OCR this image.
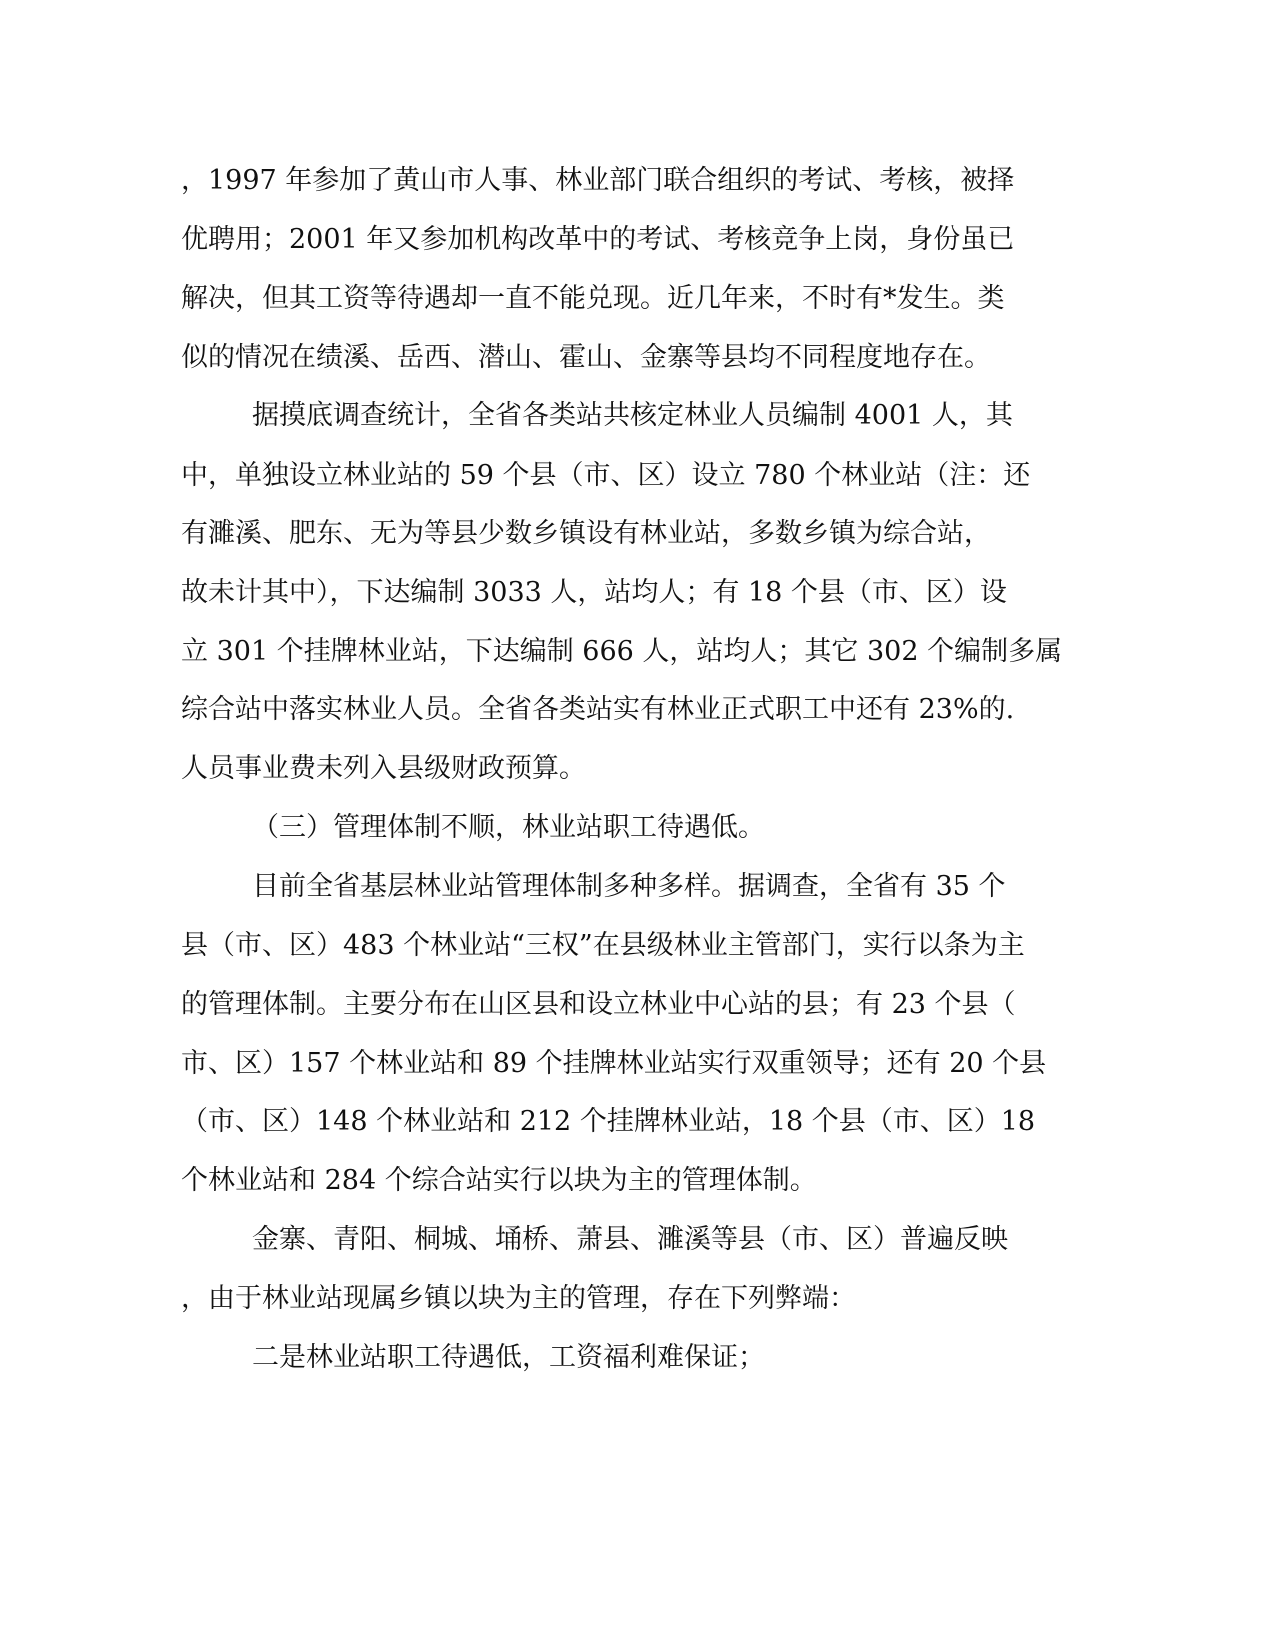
，1997 年参加了黄山市人事、林业部门联合组织的考试、考核，被择
优聘用；2001 年又参加机构改革中的考试、考核竞争上岗，身份虽已
解决，但其工资等待遇却一直不能兑现。近几年来，不时有*发生。类
似的情况在绩溪、岳西、潜山、霍山、金寨等县均不同程度地存在。
据摸底调查统计，全省各类站共核定林业人员编制 4001 人，其
中，单独设立林业站的 59 个县（市、区）设立 780 个林业站（注：还
有濉溪、肥东、无为等县少数乡镇设有林业站，多数乡镇为综合站，
故未计其中），下达编制 3033 人，站均人；有 18 个县（市、区）设
立 301 个挂牌林业站，下达编制 666 人，站均人；其它 302 个编制多属
综合站中落实林业人员。全省各类站实有林业正式职工中还有 23%的.
人员事业费未列入县级财政预算。
（三）管理体制不顺，林业站职工待遇低。
目前全省基层林业站管理体制多种多样。据调查，全省有 35 个
县（市、区）483 个林业站“三权”在县级林业主管部门，实行以条为主
的管理体制。主要分布在山区县和设立林业中心站的县；有 23 个县（
市、区）157 个林业站和 89 个挂牌林业站实行双重领导；还有 20 个县
（市、区）148 个林业站和 212 个挂牌林业站，18 个县（市、区）18
个林业站和 284 个综合站实行以块为主的管理体制。
金寨、青阳、桐城、埇桥、萧县、濉溪等县（市、区）普遍反映
，由于林业站现属乡镇以块为主的管理，存在下列弊端：
二是林业站职工待遇低，工资福利难保证；
